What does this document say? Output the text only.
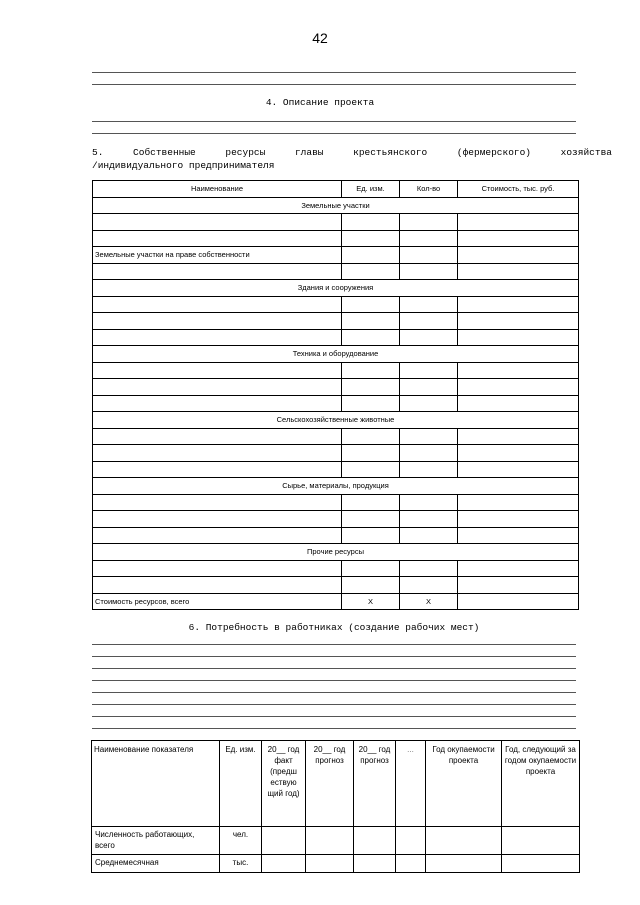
42
4. Описание проекта
5.	Собственные	ресурсы	главы	крестьянского	(фермерского)	хозяйства
/индивидуального предпринимателя
Наименование	Ед. изм.	Кол-во	Стоимость, тыс. руб.
Земельные участки			

Земельные участки на праве собственности			

Здания и сооружения			

Техника и оборудование			

Сельскохозяйственные животные			

Сырье, материалы, продукция			

Прочие ресурсы			

Стоимость ресурсов, всего	X	X	
6. Потребность в работниках (создание рабочих мест)
Наименование показателя	Ед. изм.	20__ год факт (предш ествую щий год)	20__ год прогноз	20__ год прогноз	...	Год окупаемости проекта	Год, следующий за годом окупаемости проекта
Численность работающих, всего	чел.						
Среднемесячная	тыс.						
